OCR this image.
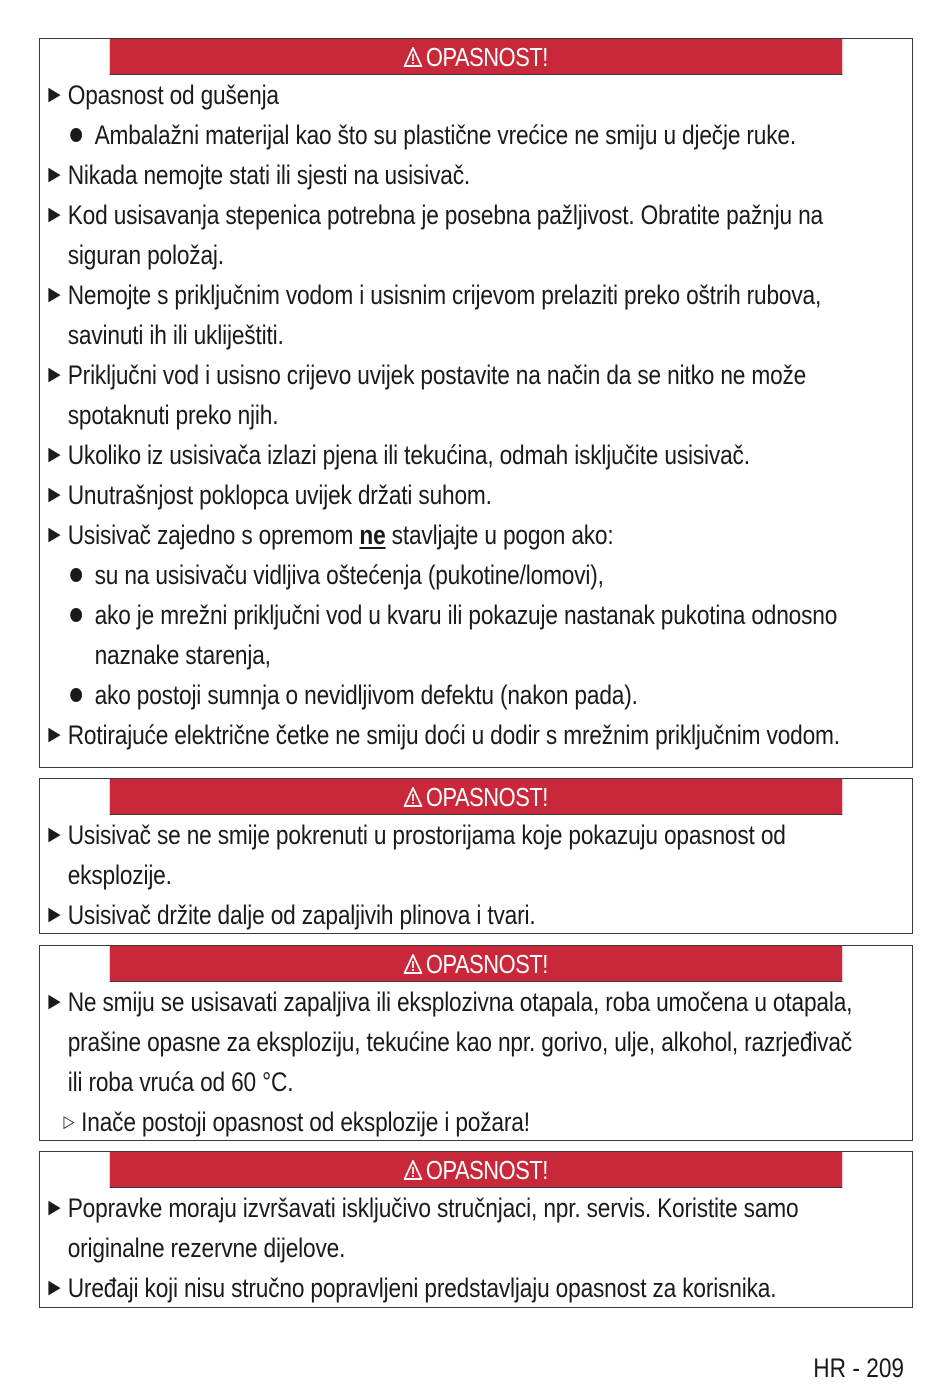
OPASNOST!
▶ Opasnost od gušenja
Ambalažni materijal kao što su plastične vrećice ne smiju u dječje ruke.
▶ Nikada nemojte stati ili sjesti na usisivač.
▶ Kod usisavanja stepenica potrebna je posebna pažljivost. Obratite pažnju na
siguran položaj.
▶ Nemojte s priključnim vodom i usisnim crijevom prelaziti preko oštrih rubova,
savinuti ih ili ukliještiti.
▶ Priključni vod i usisno crijevo uvijek postavite na način da se nitko ne može
spotaknuti preko njih.
▶ Ukoliko iz usisivača izlazi pjena ili tekućina, odmah isključite usisivač.
▶ Unutrašnjost poklopca uvijek držati suhom.
▶ Usisivač zajedno s opremom ne stavljajte u pogon ako:
su na usisivaču vidljiva oštećenja (pukotine/lomovi),
ako je mrežni priključni vod u kvaru ili pokazuje nastanak pukotina odnosno
naznake starenja,
ako postoji sumnja o nevidljivom defektu (nakon pada).
▶ Rotirajuće električne četke ne smiju doći u dodir s mrežnim priključnim vodom.
OPASNOST!
▶ Usisivač se ne smije pokrenuti u prostorijama koje pokazuju opasnost od
eksplozije.
▶ Usisivač držite dalje od zapaljivih plinova i tvari.
OPASNOST!
▶ Ne smiju se usisavati zapaljiva ili eksplozivna otapala, roba umočena u otapala,
prašine opasne za eksploziju, tekućine kao npr. gorivo, ulje, alkohol, razrjeđivač
ili roba vruća od 60 °C.
▷ Inače postoji opasnost od eksplozije i požara!
OPASNOST!
▶ Popravke moraju izvršavati isključivo stručnjaci, npr. servis. Koristite samo
originalne rezervne dijelove.
▶ Uređaji koji nisu stručno popravljeni predstavljaju opasnost za korisnika.
HR - 209
